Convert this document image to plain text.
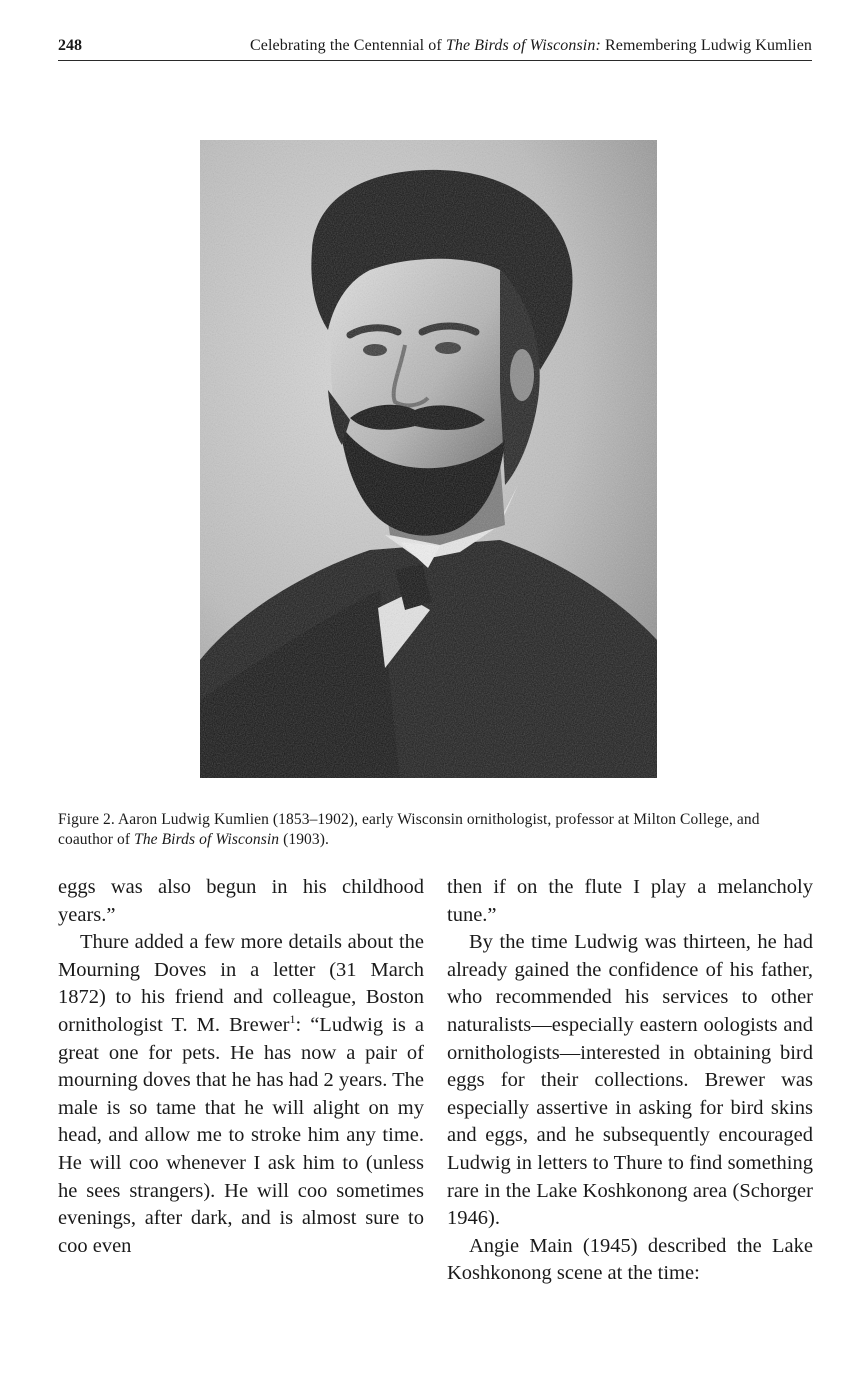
248	Celebrating the Centennial of The Birds of Wisconsin: Remembering Ludwig Kumlien
Figure 2. Aaron Ludwig Kumlien (1853–1902), early Wisconsin ornithologist, professor at Milton College, and coauthor of The Birds of Wisconsin (1903).

eggs was also begun in his childhood years.”

Thure added a few more details about the Mourning Doves in a letter (31 March 1872) to his friend and colleague, Boston ornithologist T. M. Brewer$^1$: “Ludwig is a great one for pets. He has now a pair of mourning doves that he has had 2 years. The male is so tame that he will alight on my head, and allow me to stroke him any time. He will coo whenever I ask him to (unless he sees strangers). He will coo sometimes evenings, after dark, and is almost sure to coo even

then if on the flute I play a melancholy tune.”

By the time Ludwig was thirteen, he had already gained the confidence of his father, who recommended his services to other naturalists—especially eastern oologists and ornithologists—interested in obtaining bird eggs for their collections. Brewer was especially assertive in asking for bird skins and eggs, and he subsequently encouraged Ludwig in letters to Thure to find something rare in the Lake Koshkonong area (Schorger 1946).

Angie Main (1945) described the Lake Koshkonong scene at the time:
